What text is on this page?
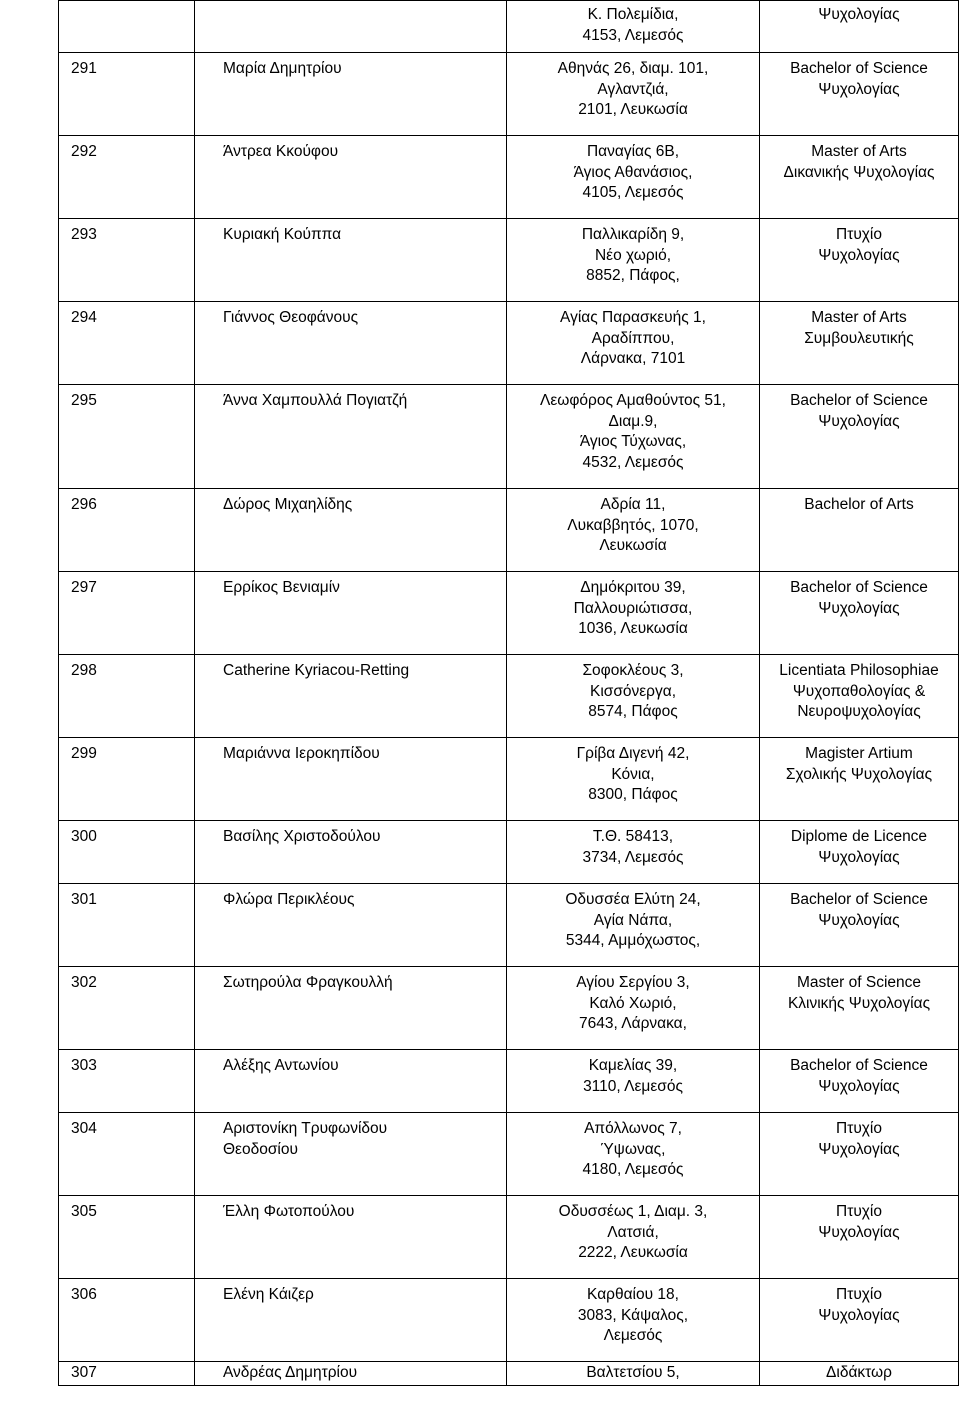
		Κ. Πολεμίδια,
4153, Λεμεσός	Ψυχολογίας

291	Μαρία Δημητρίου	Αθηνάς 26, διαμ. 101,
Αγλαντζιά,
2101, Λευκωσία	Bachelor of Science
Ψυχολογίας

292	Άντρεα Κκούφου	Παναγίας 6Β,
Άγιος Αθανάσιος,
4105, Λεμεσός	Master of Arts
Δικανικής Ψυχολογίας

293	Κυριακή Κούππα	Παλλικαρίδη 9,
Νέο χωριό,
8852, Πάφος,	Πτυχίο
Ψυχολογίας

294	Γιάννος Θεοφάνους	Αγίας Παρασκευής 1,
Αραδίππου,
Λάρνακα, 7101	Master of Arts
Συμβουλευτικής

295	Άννα Χαμπουλλά Πογιατζή	Λεωφόρος Αμαθούντος 51,
Διαμ.9,
Άγιος Τύχωνας,
4532, Λεμεσός	Bachelor of Science
Ψυχολογίας

296	Δώρος Μιχαηλίδης	Αδρία 11,
Λυκαββητός, 1070,
Λευκωσία	Bachelor of Arts

297	Ερρίκος Βενιαμίν	Δημόκριτου 39,
Παλλουριώτισσα,
1036, Λευκωσία	Bachelor of Science
Ψυχολογίας

298	Catherine Kyriacou-Retting	Σοφοκλέους 3,
Κισσόνεργα,
8574, Πάφος	Licentiata Philosophiae
Ψυχοπαθολογίας &
Νευροψυχολογίας

299	Μαριάννα Ιεροκηπίδου	Γρίβα Διγενή 42,
Κόνια,
8300, Πάφος	Magister Artium
Σχολικής Ψυχολογίας

300	Βασίλης Χριστοδούλου	Τ.Θ. 58413,
3734, Λεμεσός	Diplome de Licence
Ψυχολογίας

301	Φλώρα Περικλέους	Οδυσσέα Ελύτη 24,
Αγία Νάπα,
5344, Αμμόχωστος,	Bachelor of Science
Ψυχολογίας

302	Σωτηρούλα Φραγκουλλή	Αγίου Σεργίου 3,
Καλό Χωριό,
7643, Λάρνακα,	Master of Science
Κλινικής Ψυχολογίας

303	Αλέξης Αντωνίου	Καμελίας 39,
3110, Λεμεσός	Bachelor of Science
Ψυχολογίας

304	Αριστονίκη Τρυφωνίδου
Θεοδοσίου	Απόλλωνος 7,
Ύψωνας,
4180, Λεμεσός	Πτυχίο
Ψυχολογίας

305	Έλλη Φωτοπούλου	Οδυσσέως 1, Διαμ. 3,
Λατσιά,
2222, Λευκωσία	Πτυχίο
Ψυχολογίας

306	Ελένη Κάιζερ	Καρθαίου 18,
3083, Κάψαλος,
Λεμεσός	Πτυχίο
Ψυχολογίας

307	Ανδρέας Δημητρίου	Βαλτετσίου 5,	Διδάκτωρ
